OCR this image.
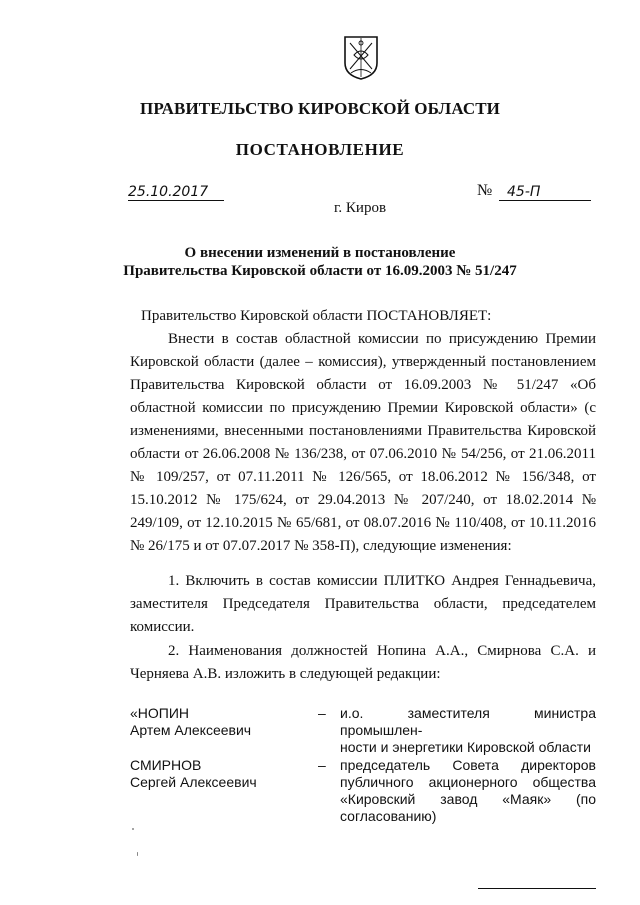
ПРАВИТЕЛЬСТВО КИРОВСКОЙ ОБЛАСТИ
ПОСТАНОВЛЕНИЕ
25.10.2017	№	45-П
г. Киров
О внесении изменений в постановление
Правительства Кировской области от 16.09.2003 № 51/247
Правительство Кировской области ПОСТАНОВЛЯЕТ:
Внести в состав областной комиссии по присуждению Премии Кировской области (далее – комиссия), утвержденный постановлением Правительства Кировской области от 16.09.2003 № 51/247 «Об областной комиссии по присуждению Премии Кировской области» (с изменениями, внесенными постановлениями Правительства Кировской области от 26.06.2008 № 136/238, от 07.06.2010 № 54/256, от 21.06.2011 № 109/257, от 07.11.2011 № 126/565, от 18.06.2012 № 156/348, от 15.10.2012 № 175/624, от 29.04.2013 № 207/240, от 18.02.2014 № 249/109, от 12.10.2015 № 65/681, от 08.07.2016 № 110/408, от 10.11.2016 № 26/175 и от 07.07.2017 № 358-П), следующие изменения:
1. Включить в состав комиссии ПЛИТКО Андрея Геннадьевича, заместителя Председателя Правительства области, председателем комиссии.
2. Наименования должностей Нопина А.А., Смирнова С.А. и Черняева А.В. изложить в следующей редакции:
«НОПИН
Артем Алексеевич
– и.о. заместителя министра промышлен-
ности и энергетики Кировской области
СМИРНОВ
Сергей Алексеевич
– председатель Совета директоров
публичного акционерного общества
«Кировский завод «Маяк» (по
согласованию)
